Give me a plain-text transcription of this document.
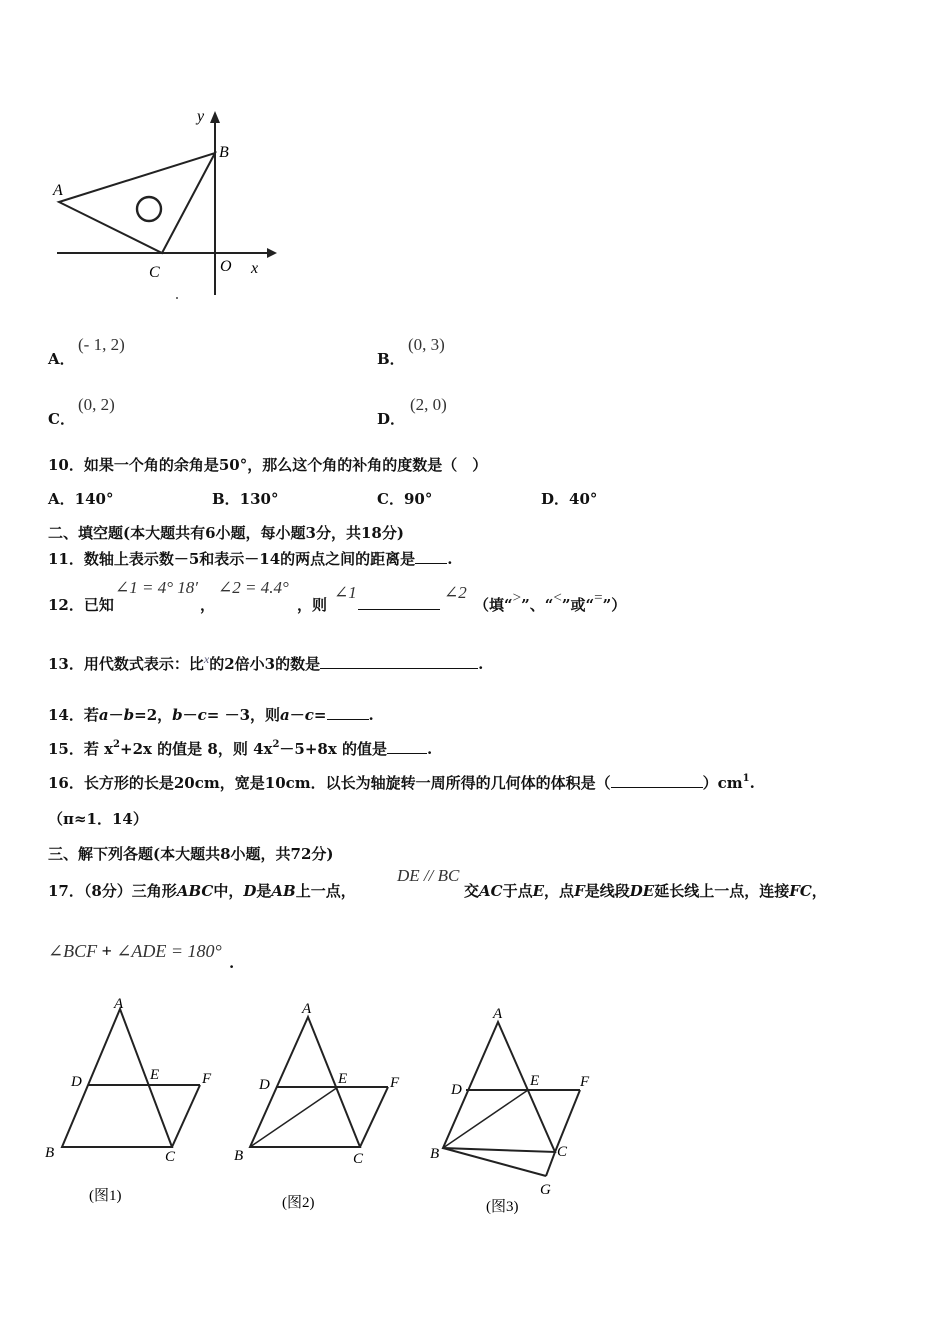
y
A
B
C	O x
A．
(- 1, 2)
B．
(0, 3)
C．
(0, 2)
D．
(2, 0)
10．如果一个角的余角是50°，那么这个角的补角的度数是（　）
A．140°	B．130°	C．90°	D．40°
二、填空题(本大题共有6小题，每小题3分，共18分)
11．数轴上表示数－5和表示－14的两点之间的距离是 .
12．已知
∠1 = 4° 18′
，
∠2 = 4.4°
，则
∠1	∠2
（填“>”、“<”或“=”）
13．用代数式表示：比$^x$的2倍小3的数是	.
14．若a－b=2，b－c= －3，则a－c=	.
15．若 $x^2+2x$ 的值是 8，则 $4x^2-5+8x$ 的值是	.
16．长方形的长是20cm，宽是10cm．以长为轴旋转一周所得的几何体的体积是（	）$cm^1$.
（π≈1．14）
三、解下列各题(本大题共8小题，共72分)
17．（8分）三角形ABC中，D是AB上一点，
DE // BC
交AC于点E，点F是线段DE延长线上一点，连接FC，
∠BCF + ∠ADE = 180°
.
A
D	E	F
B	C
(图1)
A
D	E	F
B	C
(图2)
A
D
E	F
B	C
G
(图3)
